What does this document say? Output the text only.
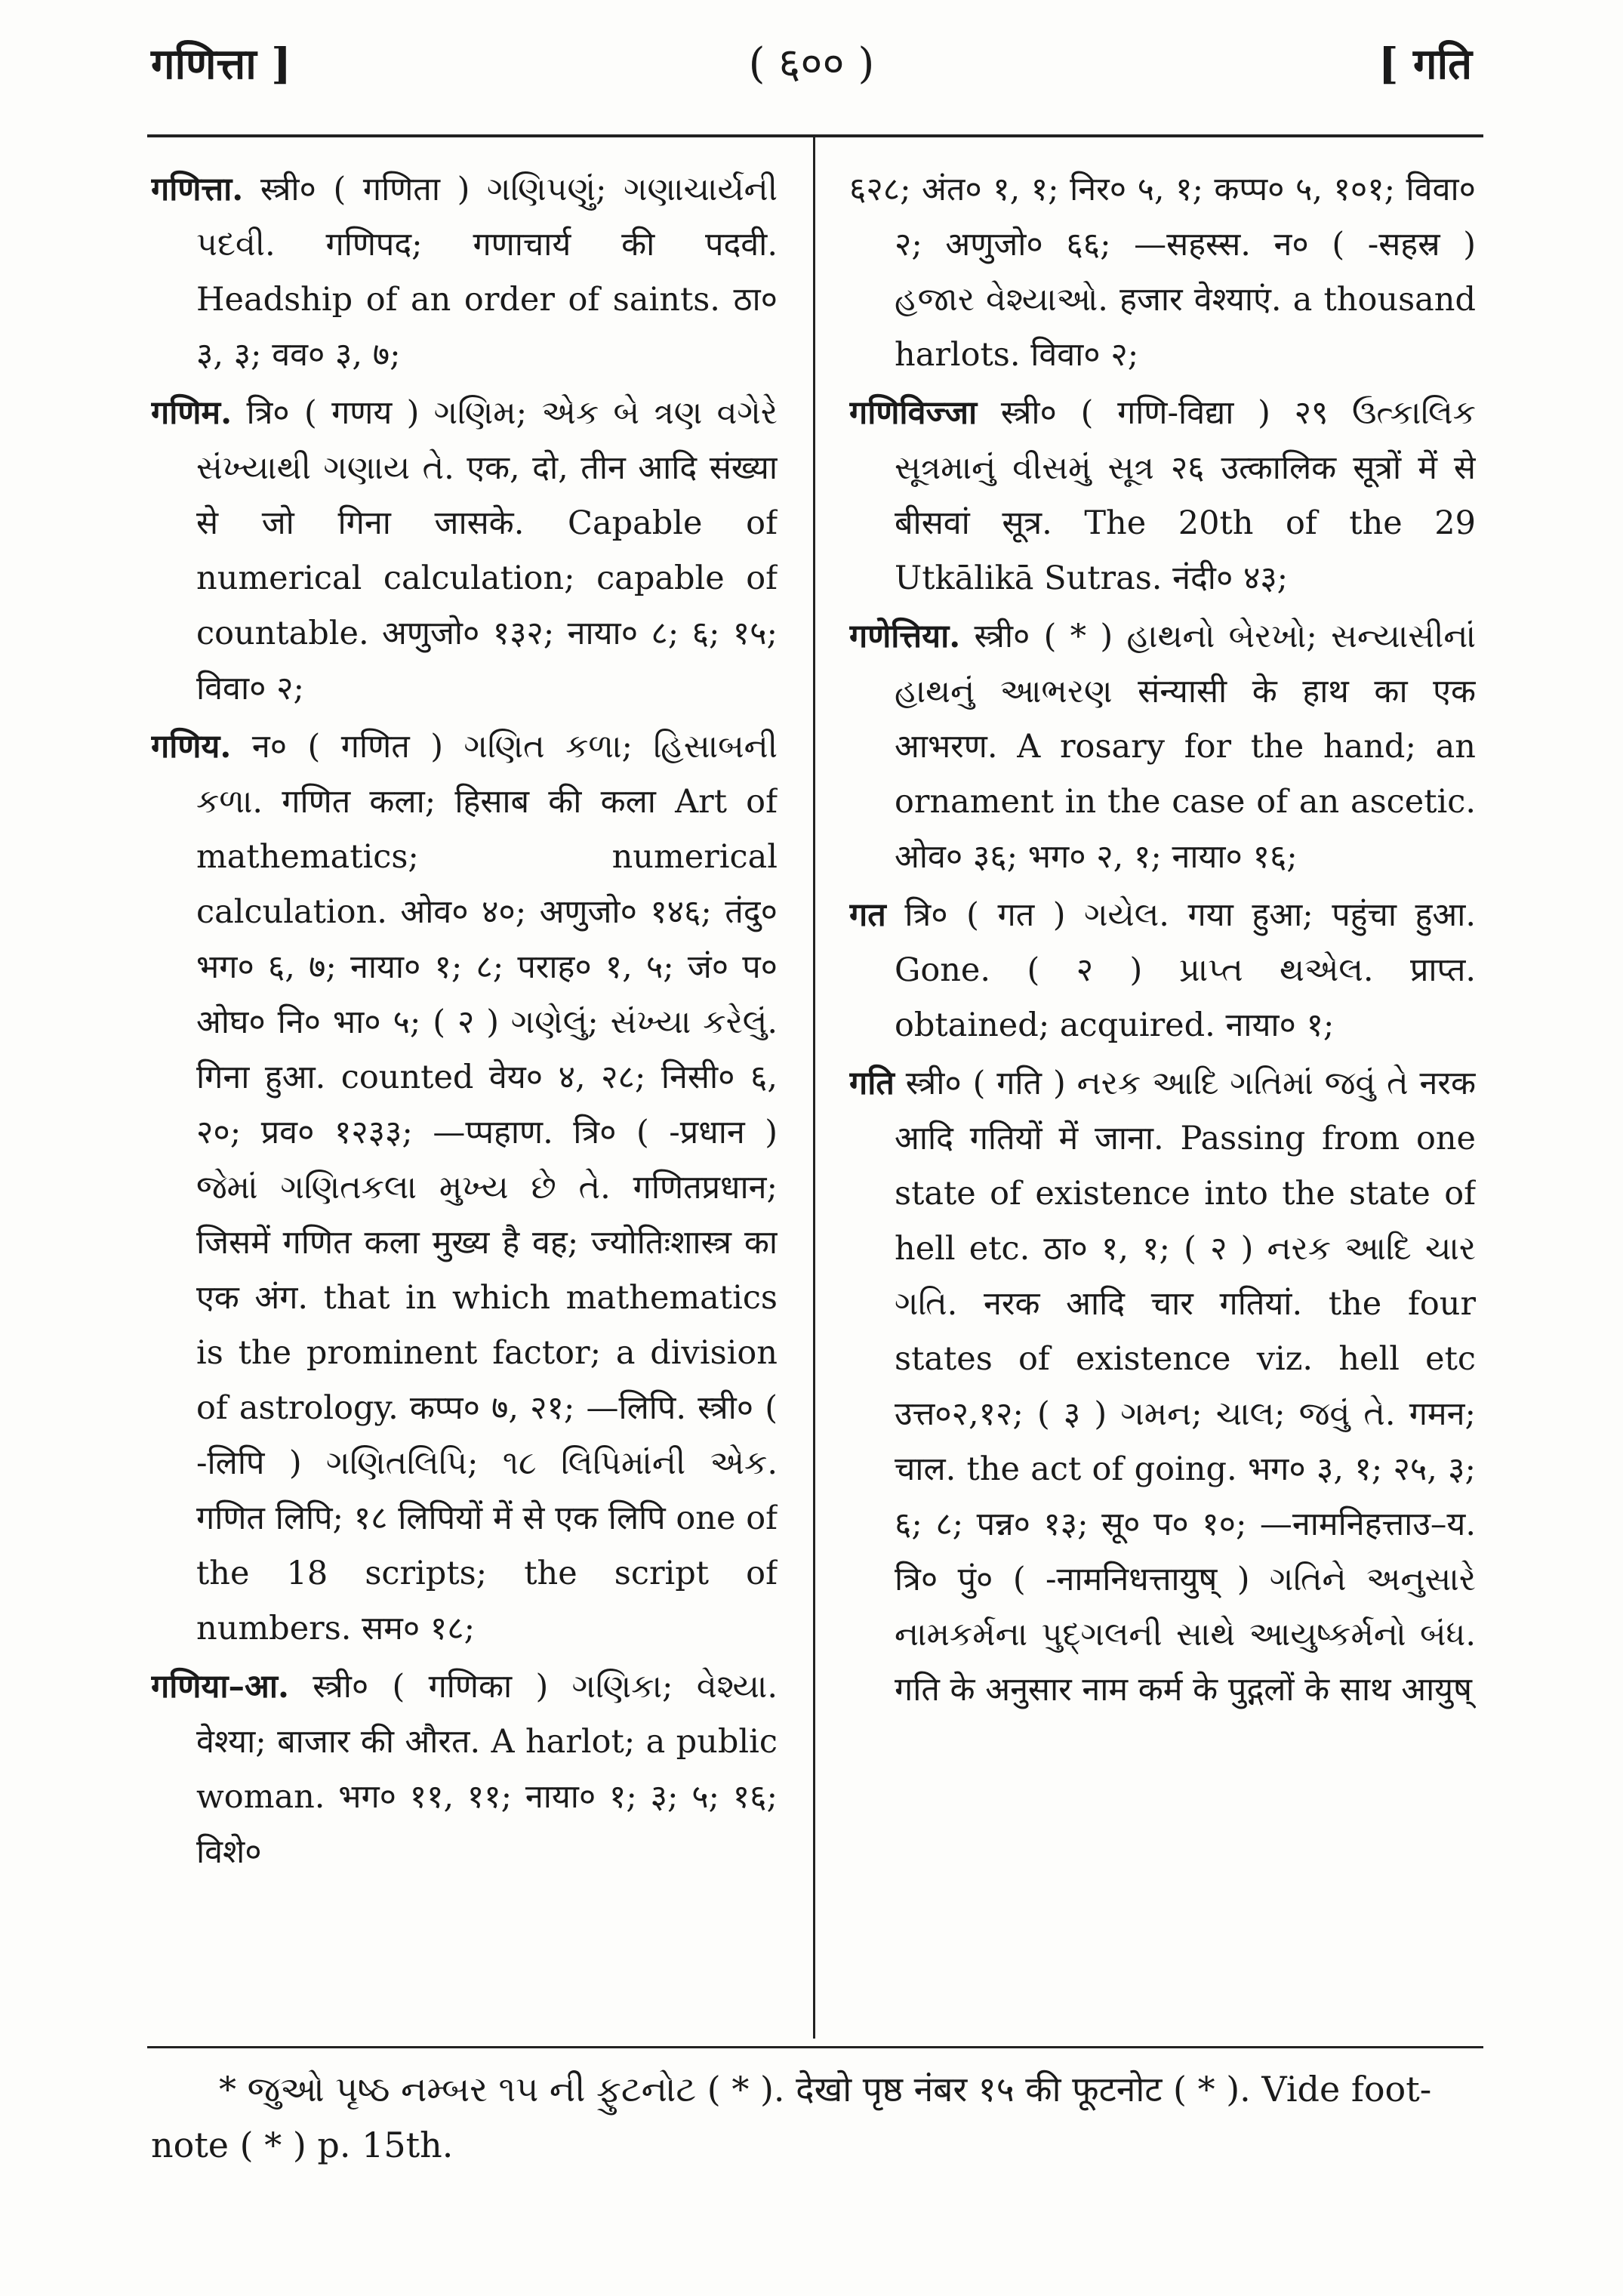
गणित्ता ]	( ६०० )	[ गति

गणित्ता. स्त्री० ( गणिता ) ગણિપણું; ગણાચાર્યની પદવી. गणिपद; गणाचार्य की पदवी. Headship of an order of saints. ठा० ३, ३; वव० ३, ७;

गणिम. त्रि० ( गणय ) ગણિમ; એક બે ત્રણ વગેરે સંખ્યાથી ગણાય તે. एक, दो, तीन आदि संख्या से जो गिना जासके. Capable of numerical calculation; capable of countable. अणुजो० १३२; नाया० ८; ६; १५; विवा० २;

गणिय. न० ( गणित ) ગણિત કળા; હિસાબની કળા. गणित कला; हिसाब की कला Art of mathematics; numerical calculation. ओव० ४०; अणुजो० १४६; तंदु० भग० ६, ७; नाया० १; ८; पराह० १, ५; जं० प० ओघ० नि० भा० ५; ( २ ) ગણેલું; સંખ્યા કરેલું. गिना हुआ. counted वेय० ४, २८; निसी० ६, २०; प्रव० १२३३; —प्पहाण. त्रि० ( -प्रधान ) જેમાં ગણિતકલા મુખ્ય છે તે. गणितप्रधान; जिसमें गणित कला मुख्य है वह; ज्योतिःशास्त्र का एक अंग. that in which mathematics is the prominent factor; a division of astrology. कप्प० ७, २१; —लिपि. स्त्री० ( -लिपि ) ગણિતલિપિ; ૧૮ લિપિમાંની એક. गणित लिपि; १८ लिपियों में से एक लिपि one of the 18 scripts; the script of numbers. सम० १८;

गणिया–आ. स्त्री० ( गणिका ) ગણિકા; વેશ્યા. वेश्या; बाजार की औरत. A harlot; a public woman. भग० ११, ११; नाया० १; ३; ५; १६; विशे०

६२८; अंत० १, १; निर० ५, १; कप्प० ५, १०१; विवा० २; अणुजो० ६६; —सहस्स. न० ( -सहस्र ) હજાર વેશ્યાઓ. हजार वेश्याएं. a thousand harlots. विवा० २;

गणिविज्जा स्त्री० ( गणि-विद्या ) २९ ઉત્કાલિક સૂત્રમાનું વીસમું સૂત્ર २६ उत्कालिक सूत्रों में से बीसवां सूत्र. The 20th of the 29 Utkālikā Sutras. नंदी० ४३;

गणेत्तिया. स्त्री० ( * ) હાથનો બેરખો; સન્યાસીનાં હાથનું આભરણ संन्यासी के हाथ का एक आभरण. A rosary for the hand; an ornament in the case of an ascetic. ओव० ३६; भग० २, १; नाया० १६;

गत त्रि० ( गत ) ગયેલ. गया हुआ; पहुंचा हुआ. Gone. ( २ ) પ્રાપ્ત થએલ. प्राप्त. obtained; acquired. नाया० १;

गति स्त्री० ( गति ) નરક આદિ ગતિમાં જવું તે नरक आदि गतियों में जाना. Passing from one state of existence into the state of hell etc. ठा० १, १; ( २ ) નરક આદિ ચાર ગતિ. नरक आदि चार गतियां. the four states of existence viz. hell etc उत्त०२,१२; ( ३ ) ગમન; ચાલ; જવું તે. गमन; चाल. the act of going. भग० ३, १; २५, ३; ६; ८; पन्न० १३; सू० प० १०; —नामनिहत्ताउ–य. त्रि० पुं० ( -नामनिधत्तायुष् ) ગતિને અનુસારે નામકર્મના પુદ્ગલની સાથે આયુષ્કર્મનો બંધ. गति के अनुसार नाम कर्म के पुद्गलों के साथ आयुष्

* જુઓ પૃષ્ઠ નમ્બર ૧૫ ની ફુટનોટ ( * ). देखो पृष्ठ नंबर १५ की फूटनोट ( * ). Vide foot-note ( * ) p. 15th.
